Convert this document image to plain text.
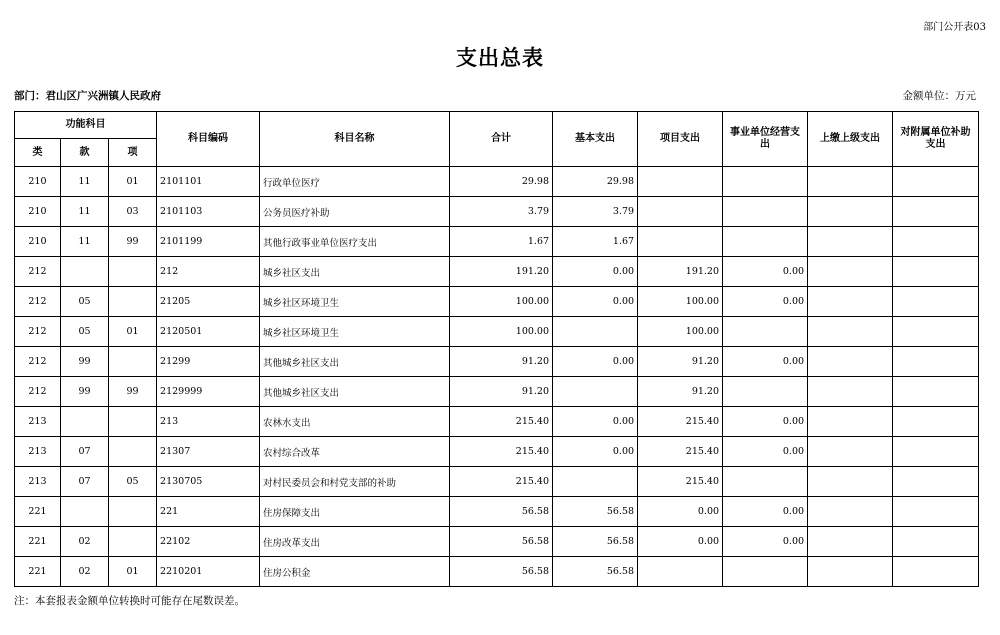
部门公开表03
支出总表
部门：君山区广兴洲镇人民政府	金额单位：万元
功能科目			科目编码	科目名称	合计	基本支出	项目支出	事业单位经营支出	上缴上级支出	对附属单位补助支出
类	款	项								
210	11	01	2101101	行政单位医疗	29.98	29.98				
210	11	03	2101103	公务员医疗补助	3.79	3.79				
210	11	99	2101199	其他行政事业单位医疗支出	1.67	1.67				
212			212	城乡社区支出	191.20	0.00	191.20	0.00		
212	05		21205	城乡社区环境卫生	100.00	0.00	100.00	0.00		
212	05	01	2120501	城乡社区环境卫生	100.00		100.00			
212	99		21299	其他城乡社区支出	91.20	0.00	91.20	0.00		
212	99	99	2129999	其他城乡社区支出	91.20		91.20			
213			213	农林水支出	215.40	0.00	215.40	0.00		
213	07		21307	农村综合改革	215.40	0.00	215.40	0.00		
213	07	05	2130705	对村民委员会和村党支部的补助	215.40		215.40			
221			221	住房保障支出	56.58	56.58	0.00	0.00		
221	02		22102	住房改革支出	56.58	56.58	0.00	0.00		
221	02	01	2210201	住房公积金	56.58	56.58				
注：本套报表金额单位转换时可能存在尾数误差。
